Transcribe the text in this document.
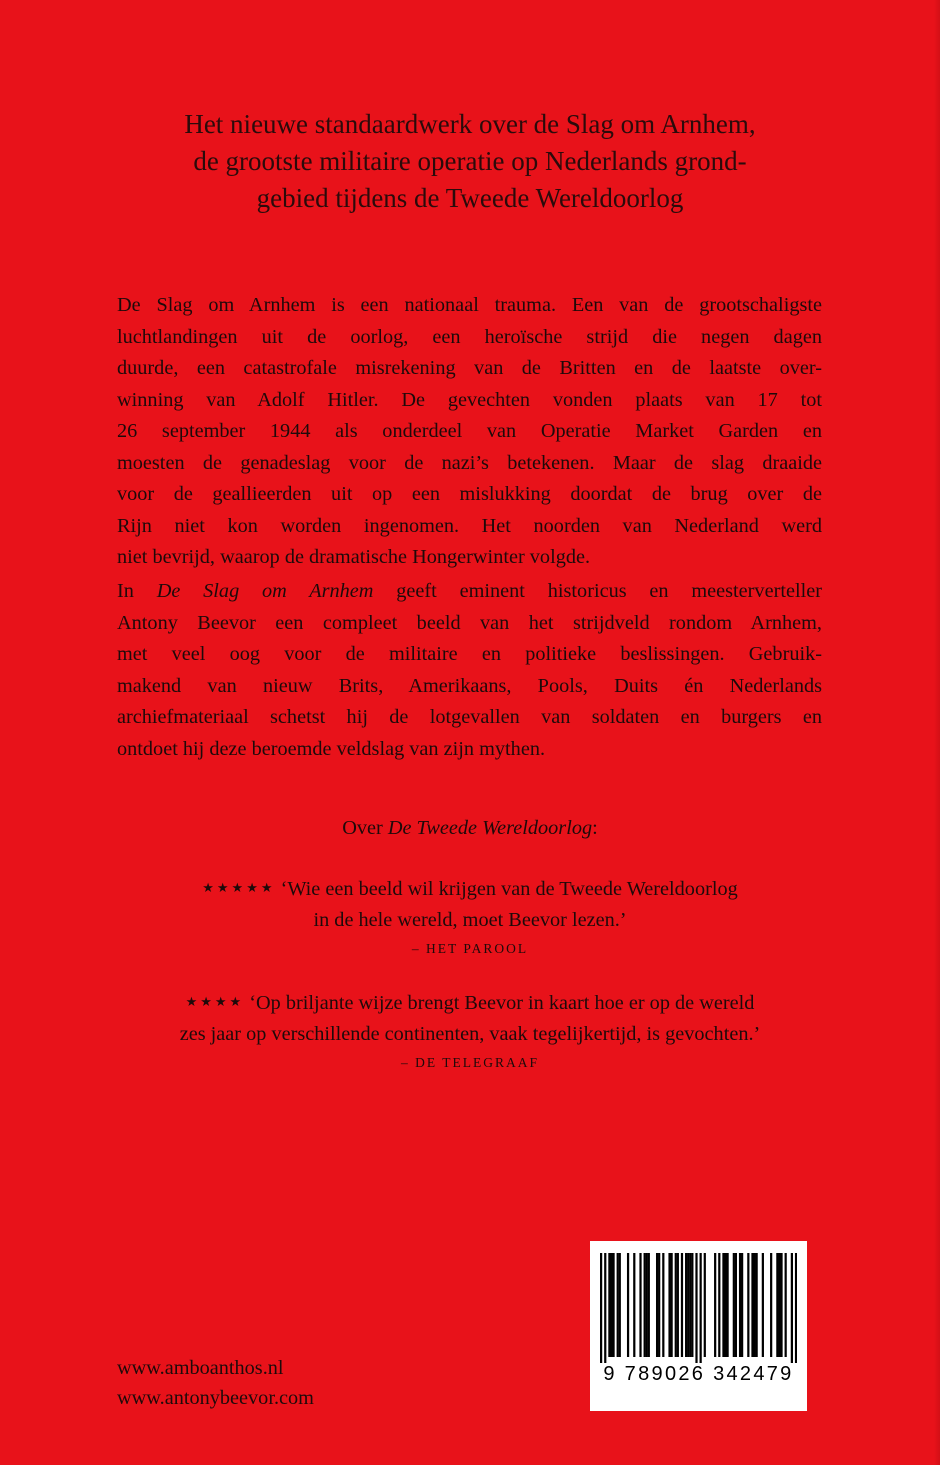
Het nieuwe standaardwerk over de Slag om Arnhem,
de grootste militaire operatie op Nederlands grond-
gebied tijdens de Tweede Wereldoorlog
De Slag om Arnhem is een nationaal trauma. Een van de grootschaligste
luchtlandingen uit de oorlog, een heroïsche strijd die negen dagen
duurde, een catastrofale misrekening van de Britten en de laatste over-
winning van Adolf Hitler. De gevechten vonden plaats van 17 tot
26 september 1944 als onderdeel van Operatie Market Garden en
moesten de genadeslag voor de nazi’s betekenen. Maar de slag draaide
voor de geallieerden uit op een mislukking doordat de brug over de
Rijn niet kon worden ingenomen. Het noorden van Nederland werd
niet bevrijd, waarop de dramatische Hongerwinter volgde.
In De Slag om Arnhem geeft eminent historicus en meesterverteller
Antony Beevor een compleet beeld van het strijdveld rondom Arnhem,
met veel oog voor de militaire en politieke beslissingen. Gebruik-
makend van nieuw Brits, Amerikaans, Pools, Duits én Nederlands
archiefmateriaal schetst hij de lotgevallen van soldaten en burgers en
ontdoet hij deze beroemde veldslag van zijn mythen.
Over De Tweede Wereldoorlog:
★★★★★ ‘Wie een beeld wil krijgen van de Tweede Wereldoorlog
in de hele wereld, moet Beevor lezen.’
– HET PAROOL
★★★★ ‘Op briljante wijze brengt Beevor in kaart hoe er op de wereld
zes jaar op verschillende continenten, vaak tegelijkertijd, is gevochten.’
– DE TELEGRAAF
www.amboanthos.nl
www.antonybeevor.com
9 789026 342479
